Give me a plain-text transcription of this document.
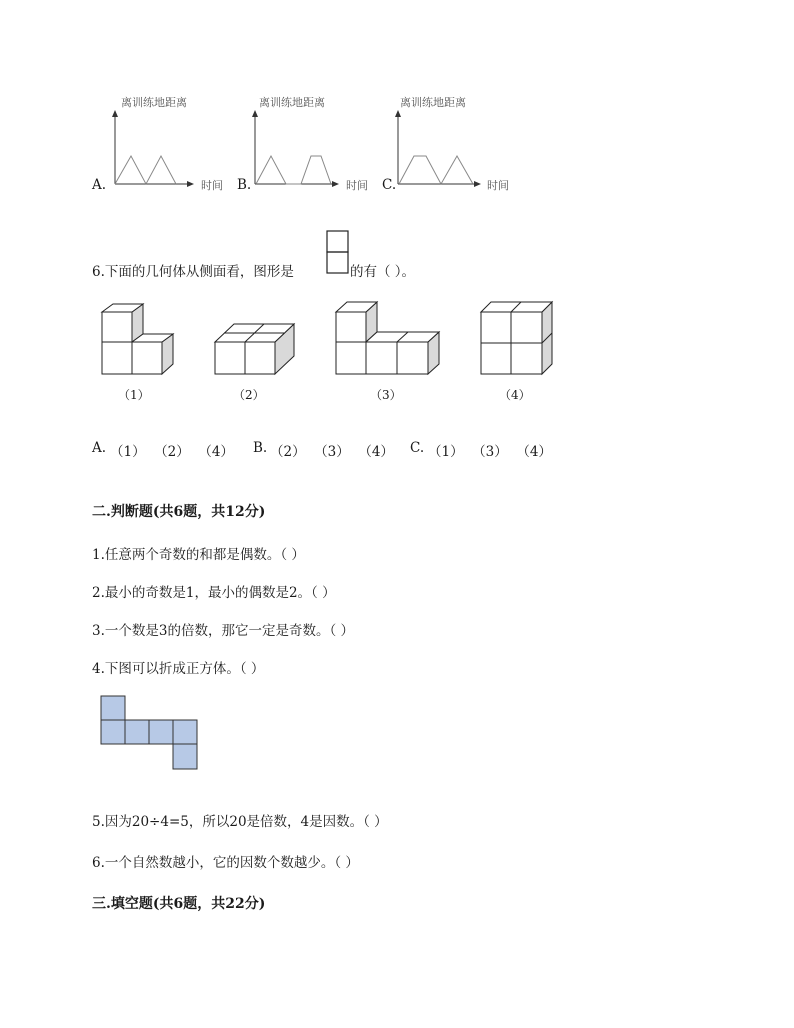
离训练地距离
A.	时间
离训练地距离
B.	时间
离训练地距离
C.	时间
6.下面的几何体从侧面看，图形是	的有（ ）。
（1）	（2）	（3）	（4）
A. （1）  （2）  （4） B. （2）  （3）  （4） C. （1）  （3）  （4）
二.判断题(共6题，共12分)
1.任意两个奇数的和都是偶数。（ ）
2.最小的奇数是1，最小的偶数是2。（ ）
3.一个数是3的倍数，那它一定是奇数。（ ）
4.下图可以折成正方体。（ ）
5.因为20÷4=5，所以20是倍数，4是因数。（ ）
6.一个自然数越小，它的因数个数越少。（ ）
三.填空题(共6题，共22分)
